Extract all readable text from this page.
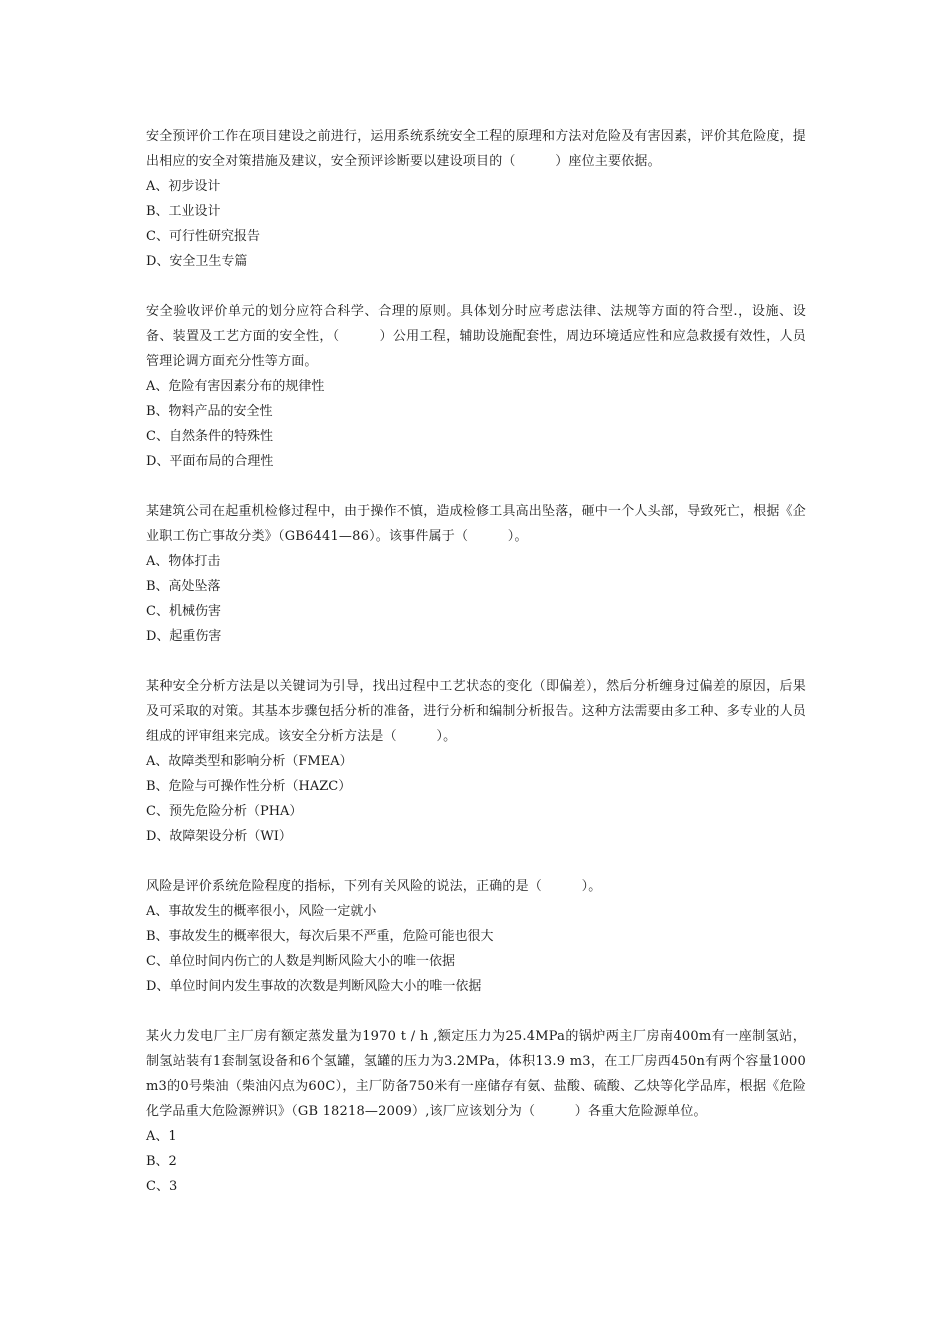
安全预评价工作在项目建设之前进行，运用系统系统安全工程的原理和方法对危险及有害因素，评价其危险度，提出相应的安全对策措施及建议，安全预评诊断要以建设项目的（　　　）座位主要依据。

A、初步设计
B、工业设计
C、可行性研究报告
D、安全卫生专篇

安全验收评价单元的划分应符合科学、合理的原则。具体划分时应考虑法律、法规等方面的符合型.，设施、设备、装置及工艺方面的安全性，（　　　）公用工程，辅助设施配套性，周边环境适应性和应急救援有效性，人员管理论调方面充分性等方面。

A、危险有害因素分布的规律性
B、物料产品的安全性
C、自然条件的特殊性
D、平面布局的合理性

某建筑公司在起重机检修过程中，由于操作不慎，造成检修工具高出坠落，砸中一个人头部，导致死亡，根据《企业职工伤亡事故分类》（GB6441—86）。该事件属于（　　　）。

A、物体打击
B、高处坠落
C、机械伤害
D、起重伤害

某种安全分析方法是以关键词为引导，找出过程中工艺状态的变化（即偏差），然后分析缠身过偏差的原因，后果及可采取的对策。其基本步骤包括分析的准备，进行分析和编制分析报告。这种方法需要由多工种、多专业的人员组成的评审组来完成。该安全分析方法是（　　　）。

A、故障类型和影响分析（FMEA）
B、危险与可操作性分析（HAZC）
C、预先危险分析（PHA）
D、故障架设分析（WI）

风险是评价系统危险程度的指标，下列有关风险的说法，正确的是（　　　）。

A、事故发生的概率很小，风险一定就小
B、事故发生的概率很大，每次后果不严重，危险可能也很大
C、单位时间内伤亡的人数是判断风险大小的唯一依据
D、单位时间内发生事故的次数是判断风险大小的唯一依据

某火力发电厂主厂房有额定蒸发量为1970 t / h ,额定压力为25.4MPa的锅炉两主厂房南400m有一座制氢站，制氢站装有1套制氢设备和6个氢罐，氢罐的压力为3.2MPa，体积13.9 m3，在工厂房西450n有两个容量1000 m3的0号柴油（柴油闪点为60C），主厂防备750米有一座储存有氨、盐酸、硫酸、乙炔等化学品库，根据《危险化学品重大危险源辨识》（GB 18218—2009）,该厂应该划分为（　　　）各重大危险源单位。

A、1
B、2
C、3
